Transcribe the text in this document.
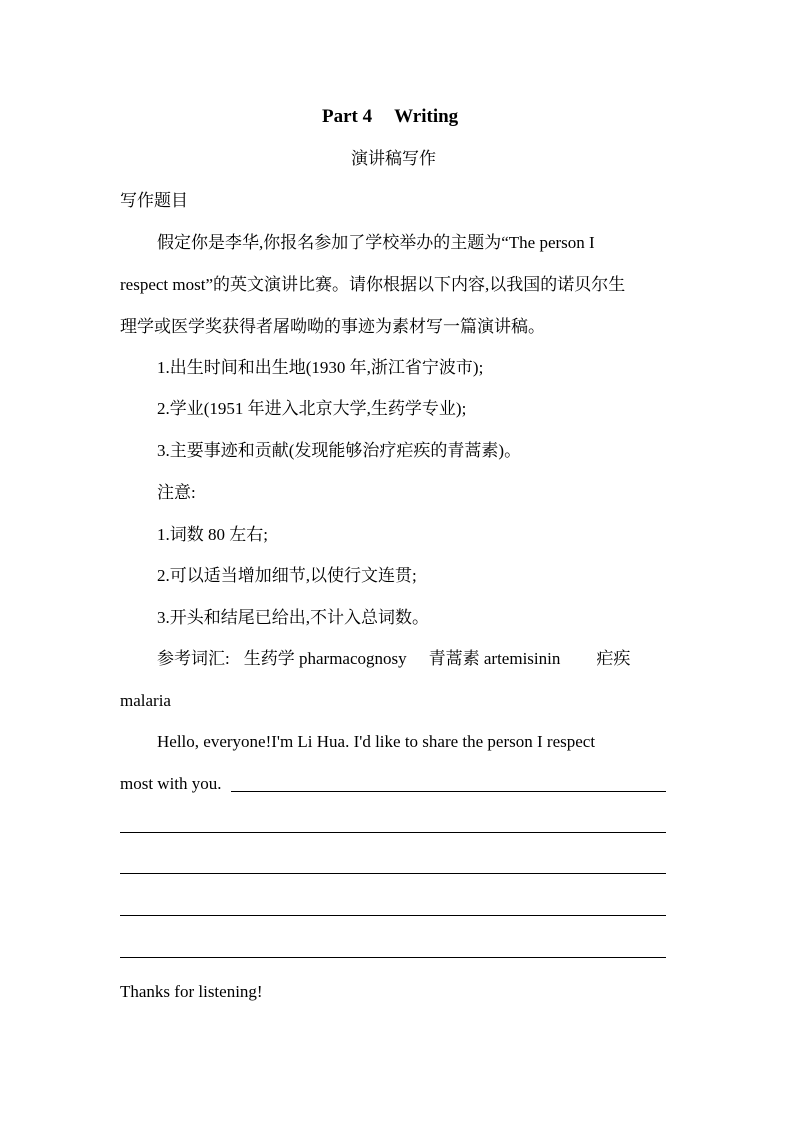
Part 4 Writing
演讲稿写作
写作题目
假定你是李华,你报名参加了学校举办的主题为“The person I
respect most”的英文演讲比赛。请你根据以下内容,以我国的诺贝尔生
理学或医学奖获得者屠呦呦的事迹为素材写一篇演讲稿。
1.出生时间和出生地(1930 年,浙江省宁波市);
2.学业(1951 年进入北京大学,生药学专业);
3.主要事迹和贡献(发现能够治疗疟疾的青蒿素)。
注意:
1.词数 80 左右;
2.可以适当增加细节,以使行文连贯;
3.开头和结尾已给出,不计入总词数。
参考词汇: 生药学 pharmacognosy 青蒿素 artemisinin 疟疾
malaria
Hello, everyone!I'm Li Hua. I'd like to share the person I respect
most with you.
Thanks for listening!
